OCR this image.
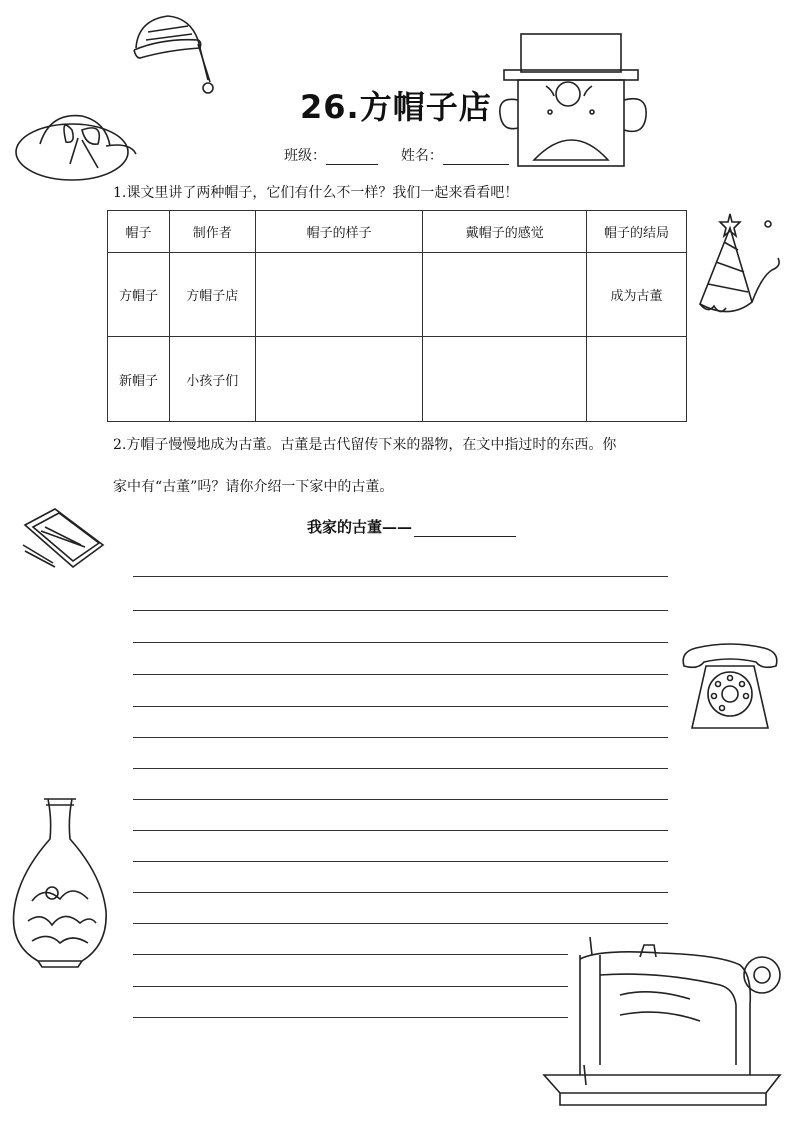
26.方帽子店
班级：	姓名：
1.课文里讲了两种帽子，它们有什么不一样？我们一起来看看吧！
帽子	制作者	帽子的样子	戴帽子的感觉	帽子的结局
方帽子	方帽子店			成为古董
新帽子	小孩子们			
2.方帽子慢慢地成为古董。古董是古代留传下来的器物，在文中指过时的东西。你
家中有“古董”吗？请你介绍一下家中的古董。
我家的古董——
